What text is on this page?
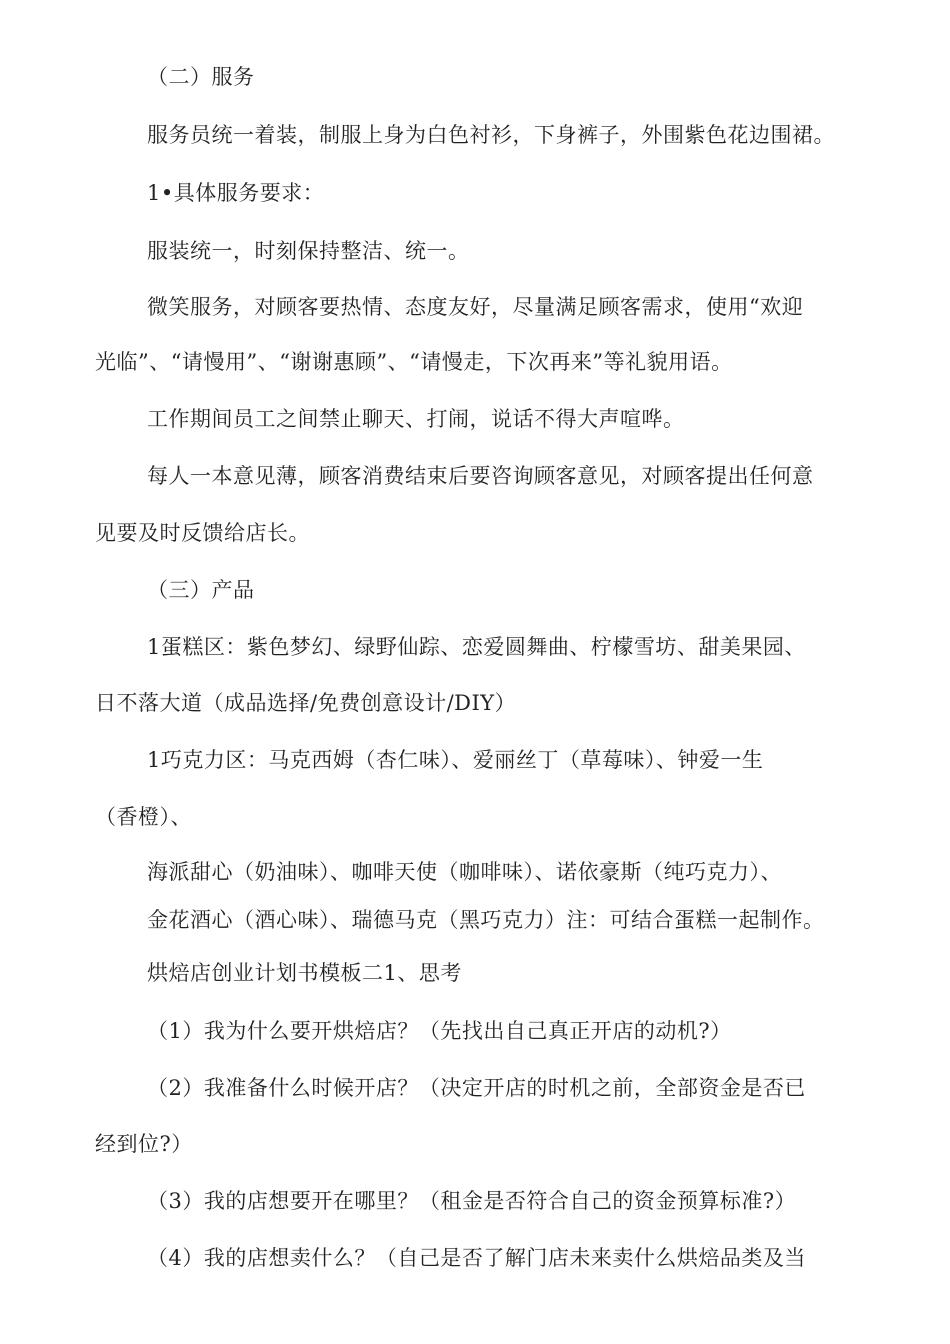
（二）服务
服务员统一着装，制服上身为白色衬衫，下身裤子，外围紫色花边围裙。
1•具体服务要求：
服装统一，时刻保持整洁、统一。
微笑服务，对顾客要热情、态度友好，尽量满足顾客需求，使用“欢迎
光临”、“请慢用”、“谢谢惠顾”、“请慢走，下次再来”等礼貌用语。
工作期间员工之间禁止聊天、打闹，说话不得大声喧哗。
每人一本意见薄，顾客消费结束后要咨询顾客意见，对顾客提出任何意
见要及时反馈给店长。
（三）产品
1蛋糕区：紫色梦幻、绿野仙踪、恋爱圆舞曲、柠檬雪坊、甜美果园、
日不落大道（成品选择/免费创意设计/DIY）
1巧克力区：马克西姆（杏仁味）、爱丽丝丁（草莓味）、钟爱一生
（香橙）、
海派甜心（奶油味）、咖啡天使（咖啡味）、诺依豪斯（纯巧克力）、
金花酒心（酒心味）、瑞德马克（黑巧克力）注：可结合蛋糕一起制作。
烘焙店创业计划书模板二1、思考
（1）我为什么要开烘焙店？（先找出自己真正开店的动机?）
（2）我准备什么时候开店？（决定开店的时机之前，全部资金是否已
经到位?）
（3）我的店想要开在哪里？（租金是否符合自己的资金预算标准?）
（4）我的店想卖什么？（自己是否了解门店未来卖什么烘焙品类及当
